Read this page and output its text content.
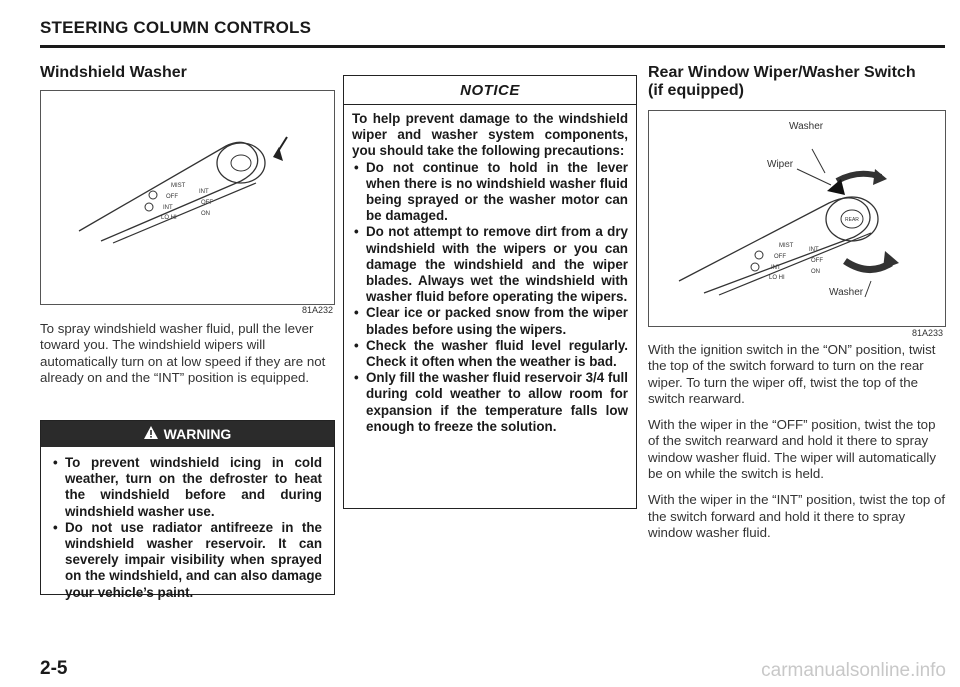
STEERING COLUMN CONTROLS
Windshield Washer
MIST
OFF
INT
LO HI
INT
OFF
ON
81A232
To spray windshield washer fluid, pull the lever toward you. The windshield wipers will automatically turn on at low speed if they are not already on and the “INT” position is equipped.
WARNING
• To prevent windshield icing in cold weather, turn on the defroster to heat the windshield before and during windshield washer use.
• Do not use radiator antifreeze in the windshield washer reservoir. It can severely impair visibility when sprayed on the windshield, and can also damage your vehicle’s paint.
NOTICE
To help prevent damage to the windshield wiper and washer system components, you should take the following precautions:
• Do not continue to hold in the lever when there is no windshield washer fluid being sprayed or the washer motor can be damaged.
• Do not attempt to remove dirt from a dry windshield with the wipers or you can damage the windshield and the wiper blades. Always wet the windshield with washer fluid before operating the wipers.
• Clear ice or packed snow from the wiper blades before using the wipers.
• Check the washer fluid level regularly. Check it often when the weather is bad.
• Only fill the washer fluid reservoir 3/4 full during cold weather to allow room for expansion if the temperature falls low enough to freeze the solution.
Rear Window Wiper/Washer Switch
(if equipped)
REAR
MIST
OFF
INT
LO HI
INT
OFF
ON
Washer
Wiper
Washer
81A233

With the ignition switch in the “ON” position, twist the top of the switch forward to turn on the rear wiper. To turn the wiper off, twist the top of the switch rearward.

With the wiper in the “OFF” position, twist the top of the switch rearward and hold it there to spray window washer fluid. The wiper will automatically be on while the switch is held.

With the wiper in the “INT” position, twist the top of the switch forward and hold it there to spray window washer fluid.

2-5	carmanualsonline.info
